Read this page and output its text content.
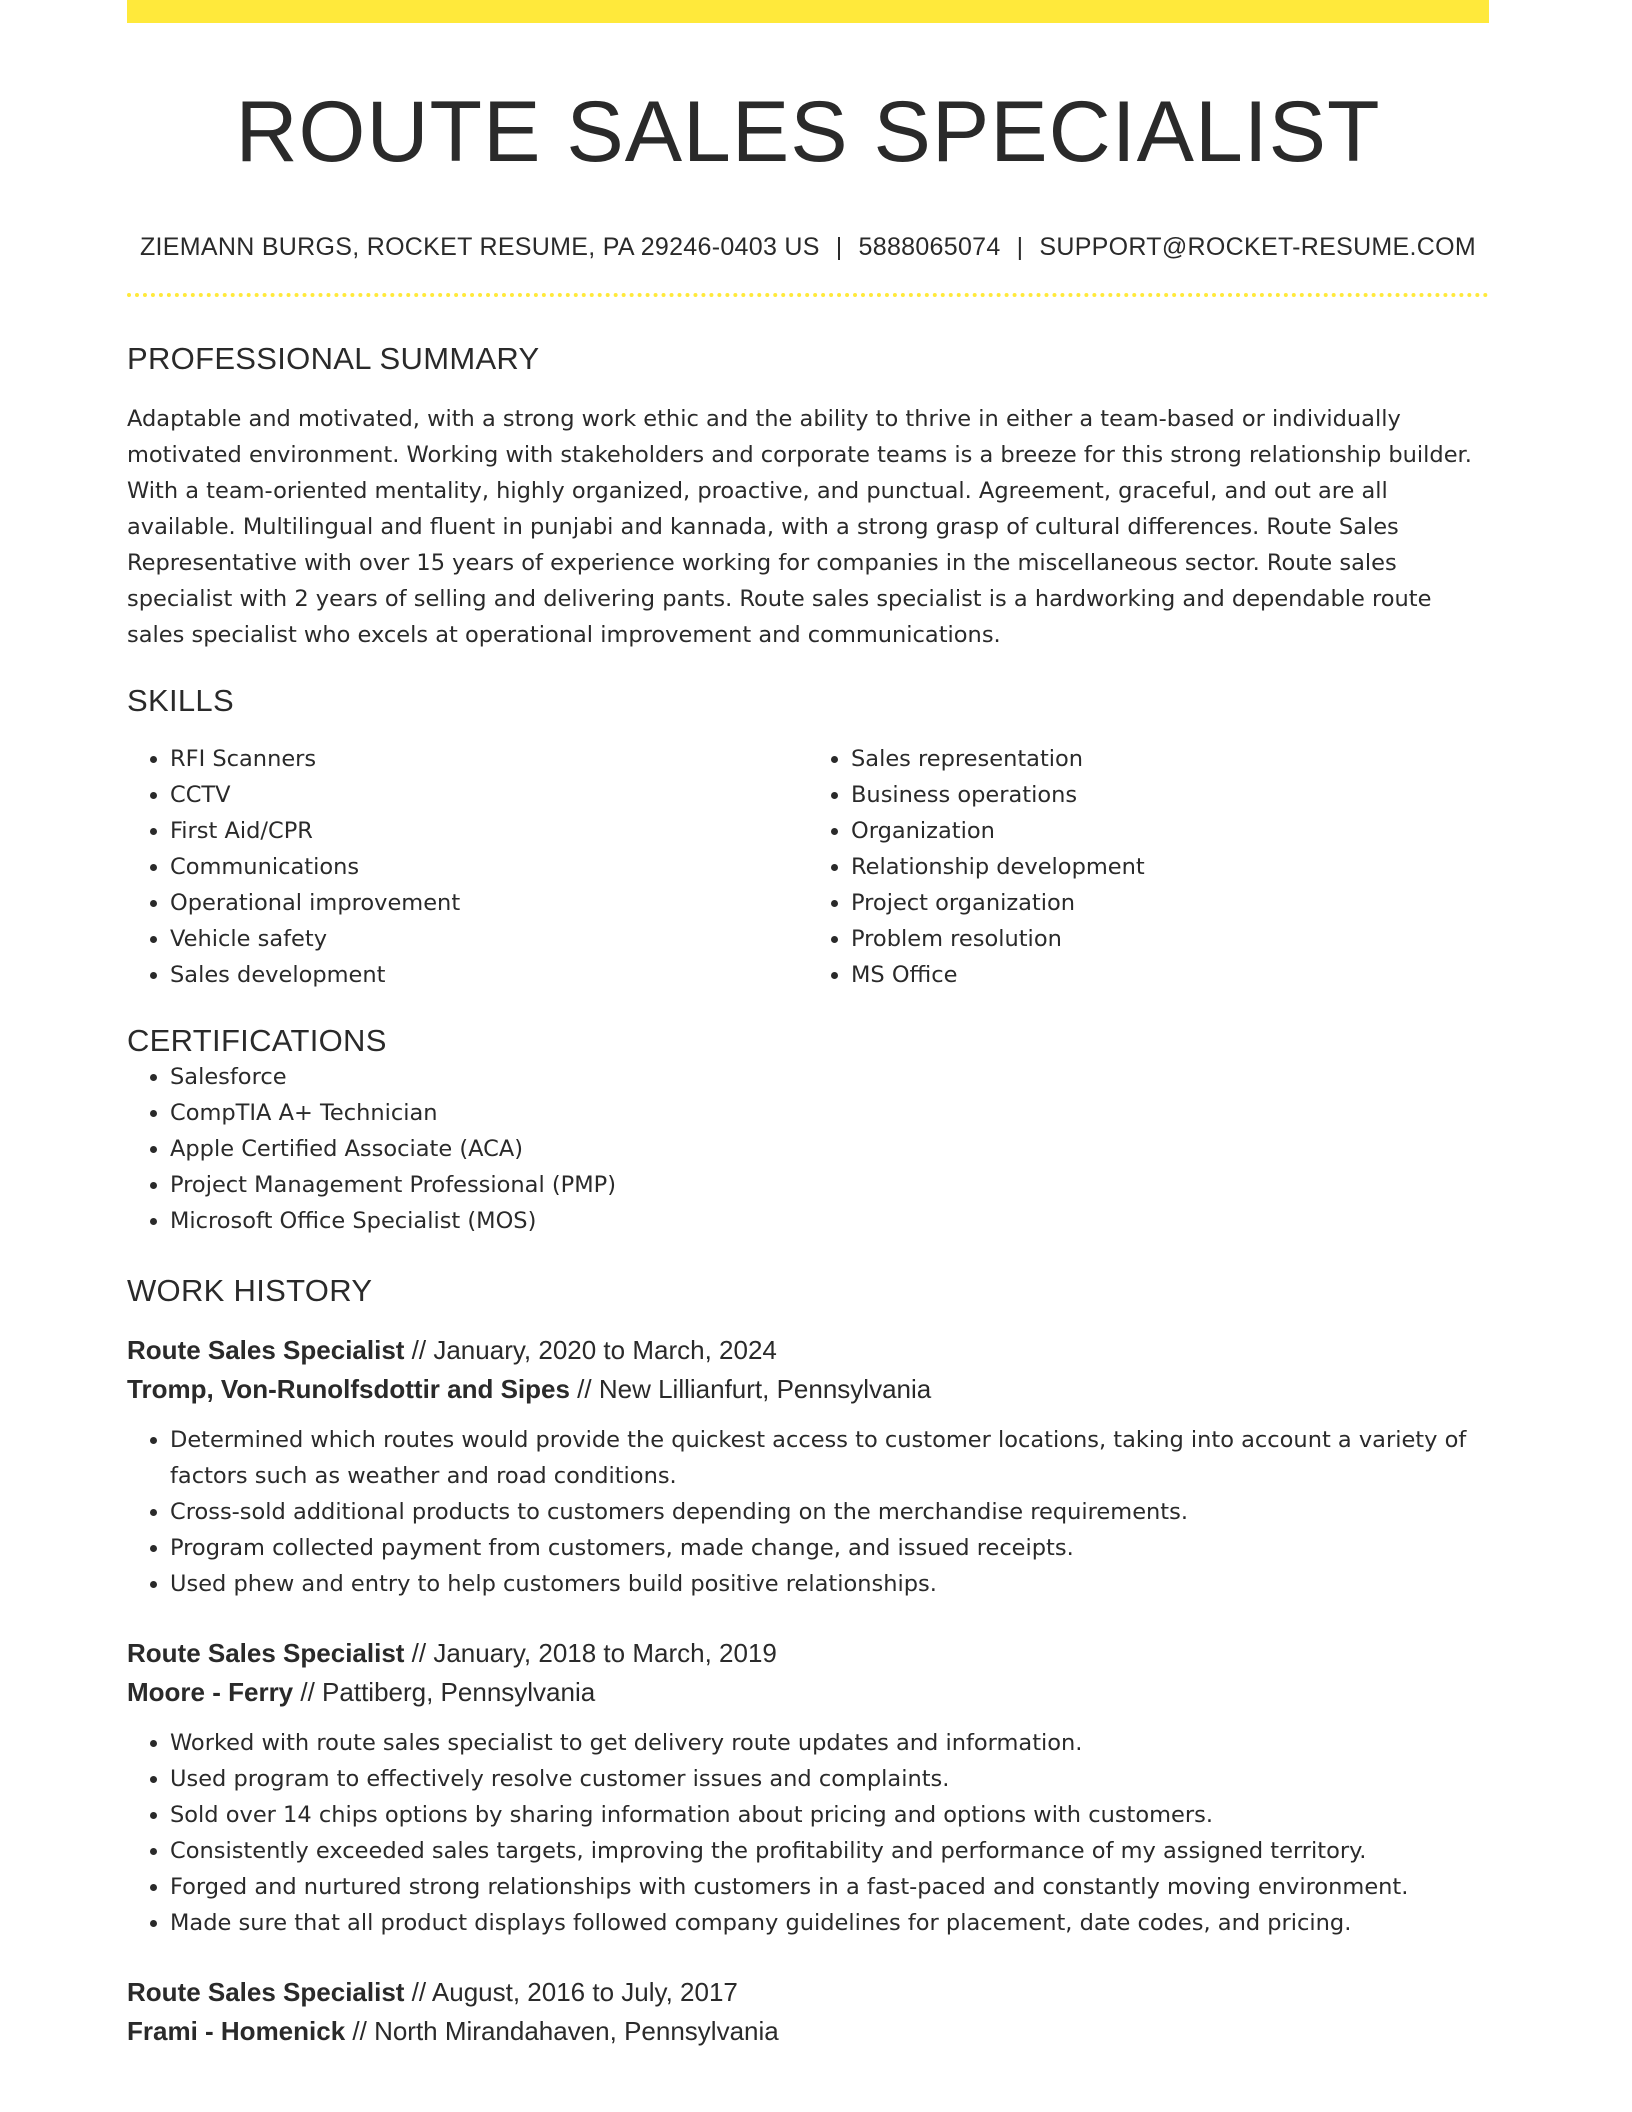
ROUTE SALES SPECIALIST
ZIEMANN BURGS, ROCKET RESUME, PA 29246-0403 US | 5888065074 | SUPPORT@ROCKET-RESUME.COM
PROFESSIONAL SUMMARY
Adaptable and motivated, with a strong work ethic and the ability to thrive in either a team-based or individually motivated environment. Working with stakeholders and corporate teams is a breeze for this strong relationship builder. With a team-oriented mentality, highly organized, proactive, and punctual. Agreement, graceful, and out are all available. Multilingual and fluent in punjabi and kannada, with a strong grasp of cultural differences. Route Sales Representative with over 15 years of experience working for companies in the miscellaneous sector. Route sales specialist with 2 years of selling and delivering pants. Route sales specialist is a hardworking and dependable route sales specialist who excels at operational improvement and communications.
SKILLS
• RFI Scanners
• CCTV
• First Aid/CPR
• Communications
• Operational improvement
• Vehicle safety
• Sales development
• Sales representation
• Business operations
• Organization
• Relationship development
• Project organization
• Problem resolution
• MS Office
CERTIFICATIONS
• Salesforce
• CompTIA A+ Technician
• Apple Certified Associate (ACA)
• Project Management Professional (PMP)
• Microsoft Office Specialist (MOS)
WORK HISTORY
Route Sales Specialist // January, 2020 to March, 2024
Tromp, Von-Runolfsdottir and Sipes // New Lillianfurt, Pennsylvania
• Determined which routes would provide the quickest access to customer locations, taking into account a variety of factors such as weather and road conditions.
• Cross-sold additional products to customers depending on the merchandise requirements.
• Program collected payment from customers, made change, and issued receipts.
• Used phew and entry to help customers build positive relationships.
Route Sales Specialist // January, 2018 to March, 2019
Moore - Ferry // Pattiberg, Pennsylvania
• Worked with route sales specialist to get delivery route updates and information.
• Used program to effectively resolve customer issues and complaints.
• Sold over 14 chips options by sharing information about pricing and options with customers.
• Consistently exceeded sales targets, improving the profitability and performance of my assigned territory.
• Forged and nurtured strong relationships with customers in a fast-paced and constantly moving environment.
• Made sure that all product displays followed company guidelines for placement, date codes, and pricing.
Route Sales Specialist // August, 2016 to July, 2017
Frami - Homenick // North Mirandahaven, Pennsylvania
